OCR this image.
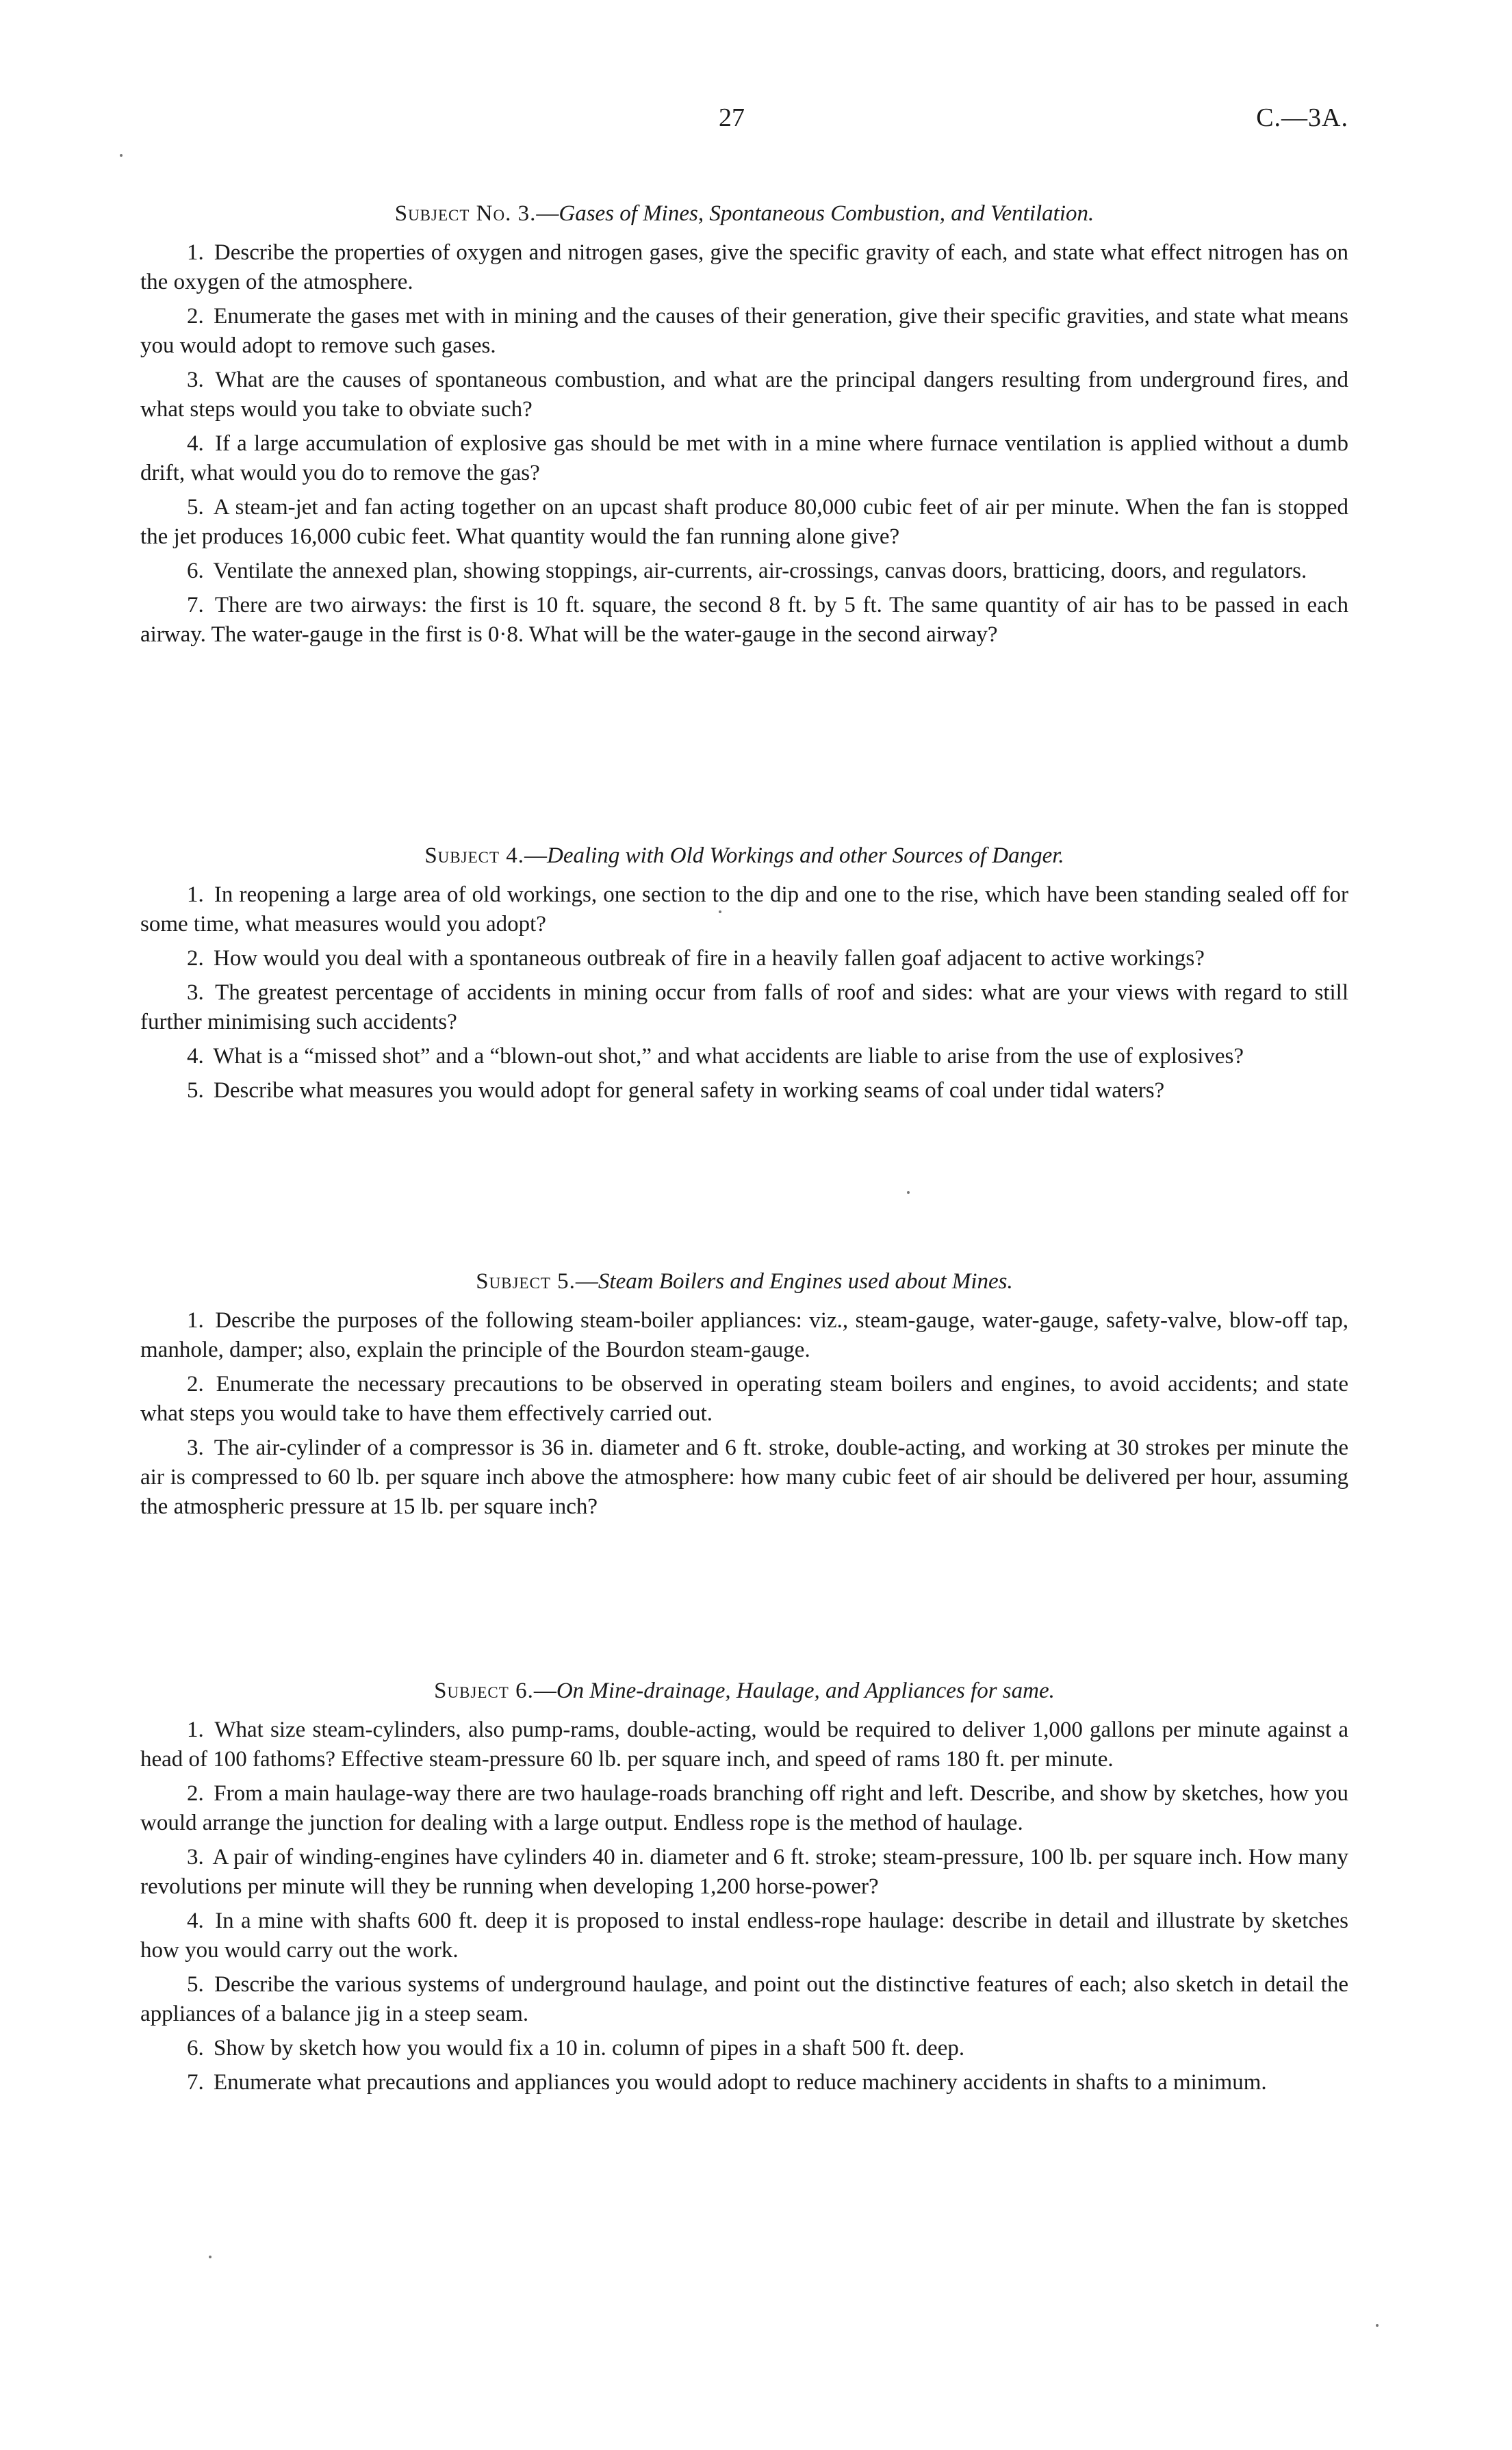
27	C.—3A.

Subject No. 3.—Gases of Mines, Spontaneous Combustion, and Ventilation.

1. Describe the properties of oxygen and nitrogen gases, give the specific gravity of each, and state what effect nitrogen has on the oxygen of the atmosphere.

2. Enumerate the gases met with in mining and the causes of their generation, give their specific gravities, and state what means you would adopt to remove such gases.

3. What are the causes of spontaneous combustion, and what are the principal dangers resulting from underground fires, and what steps would you take to obviate such?

4. If a large accumulation of explosive gas should be met with in a mine where furnace ventilation is applied without a dumb drift, what would you do to remove the gas?

5. A steam-jet and fan acting together on an upcast shaft produce 80,000 cubic feet of air per minute. When the fan is stopped the jet produces 16,000 cubic feet. What quantity would the fan running alone give?

6. Ventilate the annexed plan, showing stoppings, air-currents, air-crossings, canvas doors, bratticing, doors, and regulators.

7. There are two airways: the first is 10 ft. square, the second 8 ft. by 5 ft. The same quantity of air has to be passed in each airway. The water-gauge in the first is 0·8. What will be the water-gauge in the second airway?

Subject 4.—Dealing with Old Workings and other Sources of Danger.

1. In reopening a large area of old workings, one section to the dip and one to the rise, which have been standing sealed off for some time, what measures would you adopt?

2. How would you deal with a spontaneous outbreak of fire in a heavily fallen goaf adjacent to active workings?

3. The greatest percentage of accidents in mining occur from falls of roof and sides: what are your views with regard to still further minimising such accidents?

4. What is a “missed shot” and a “blown-out shot,” and what accidents are liable to arise from the use of explosives?

5. Describe what measures you would adopt for general safety in working seams of coal under tidal waters?

Subject 5.—Steam Boilers and Engines used about Mines.

1. Describe the purposes of the following steam-boiler appliances: viz., steam-gauge, water-gauge, safety-valve, blow-off tap, manhole, damper; also, explain the principle of the Bourdon steam-gauge.

2. Enumerate the necessary precautions to be observed in operating steam boilers and engines, to avoid accidents; and state what steps you would take to have them effectively carried out.

3. The air-cylinder of a compressor is 36 in. diameter and 6 ft. stroke, double-acting, and working at 30 strokes per minute the air is compressed to 60 lb. per square inch above the atmosphere: how many cubic feet of air should be delivered per hour, assuming the atmospheric pressure at 15 lb. per square inch?

Subject 6.—On Mine-drainage, Haulage, and Appliances for same.

1. What size steam-cylinders, also pump-rams, double-acting, would be required to deliver 1,000 gallons per minute against a head of 100 fathoms? Effective steam-pressure 60 lb. per square inch, and speed of rams 180 ft. per minute.

2. From a main haulage-way there are two haulage-roads branching off right and left. Describe, and show by sketches, how you would arrange the junction for dealing with a large output. Endless rope is the method of haulage.

3. A pair of winding-engines have cylinders 40 in. diameter and 6 ft. stroke; steam-pressure, 100 lb. per square inch. How many revolutions per minute will they be running when developing 1,200 horse-power?

4. In a mine with shafts 600 ft. deep it is proposed to instal endless-rope haulage: describe in detail and illustrate by sketches how you would carry out the work.

5. Describe the various systems of underground haulage, and point out the distinctive features of each; also sketch in detail the appliances of a balance jig in a steep seam.

6. Show by sketch how you would fix a 10 in. column of pipes in a shaft 500 ft. deep.

7. Enumerate what precautions and appliances you would adopt to reduce machinery accidents in shafts to a minimum.
